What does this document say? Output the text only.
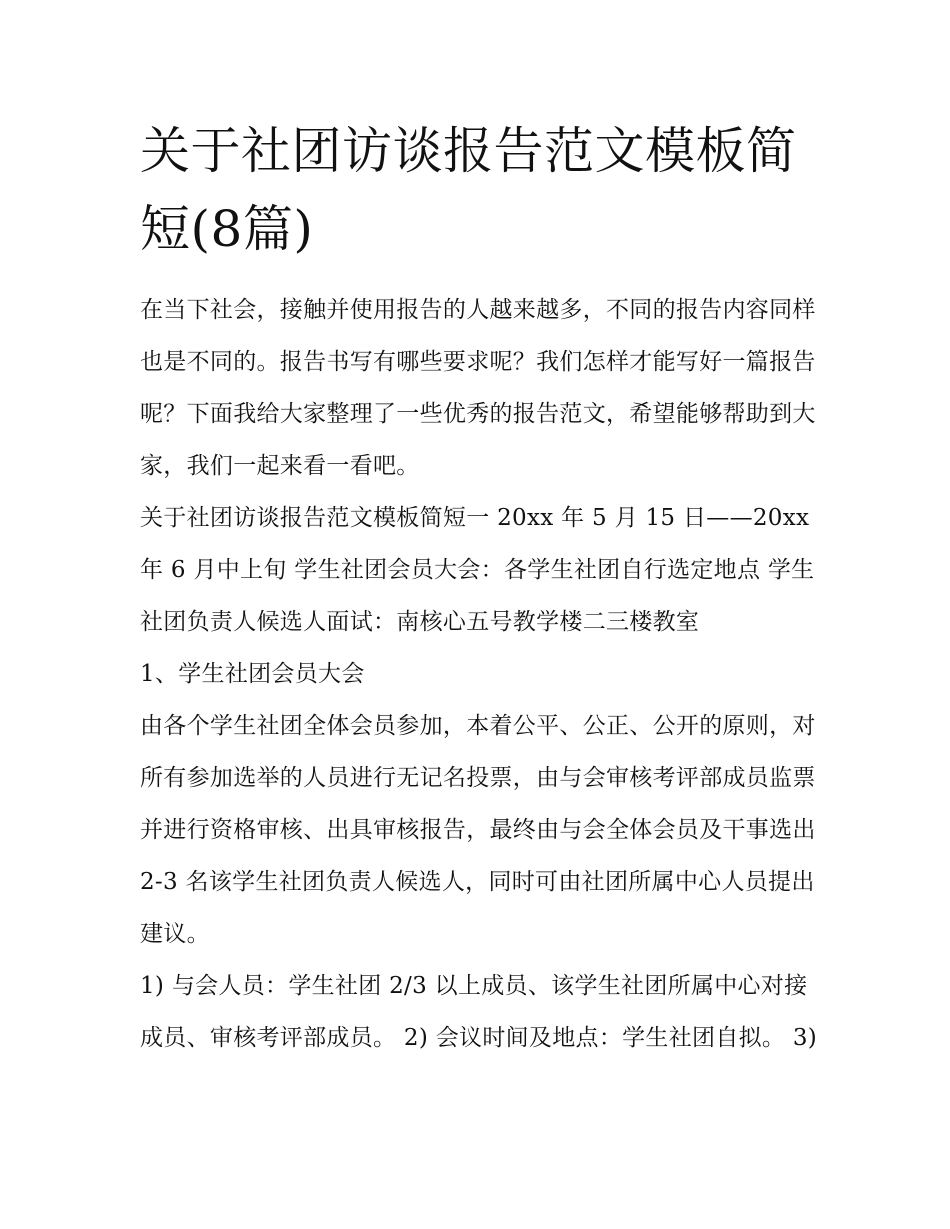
关于社团访谈报告范文模板简短(8篇)

在当下社会，接触并使用报告的人越来越多，不同的报告内容同样也是不同的。报告书写有哪些要求呢？我们怎样才能写好一篇报告呢？下面我给大家整理了一些优秀的报告范文，希望能够帮助到大家，我们一起来看一看吧。

关于社团访谈报告范文模板简短一 20xx 年 5 月 15 日——20xx 年 6 月中上旬 学生社团会员大会：各学生社团自行选定地点 学生社团负责人候选人面试：南核心五号教学楼二三楼教室

1、学生社团会员大会

由各个学生社团全体会员参加，本着公平、公正、公开的原则，对所有参加选举的人员进行无记名投票，由与会审核考评部成员监票并进行资格审核、出具审核报告，最终由与会全体会员及干事选出 2-3 名该学生社团负责人候选人，同时可由社团所属中心人员提出建议。

1) 与会人员：学生社团 2/3 以上成员、该学生社团所属中心对接成员、审核考评部成员。 2) 会议时间及地点：学生社团自拟。 3)
